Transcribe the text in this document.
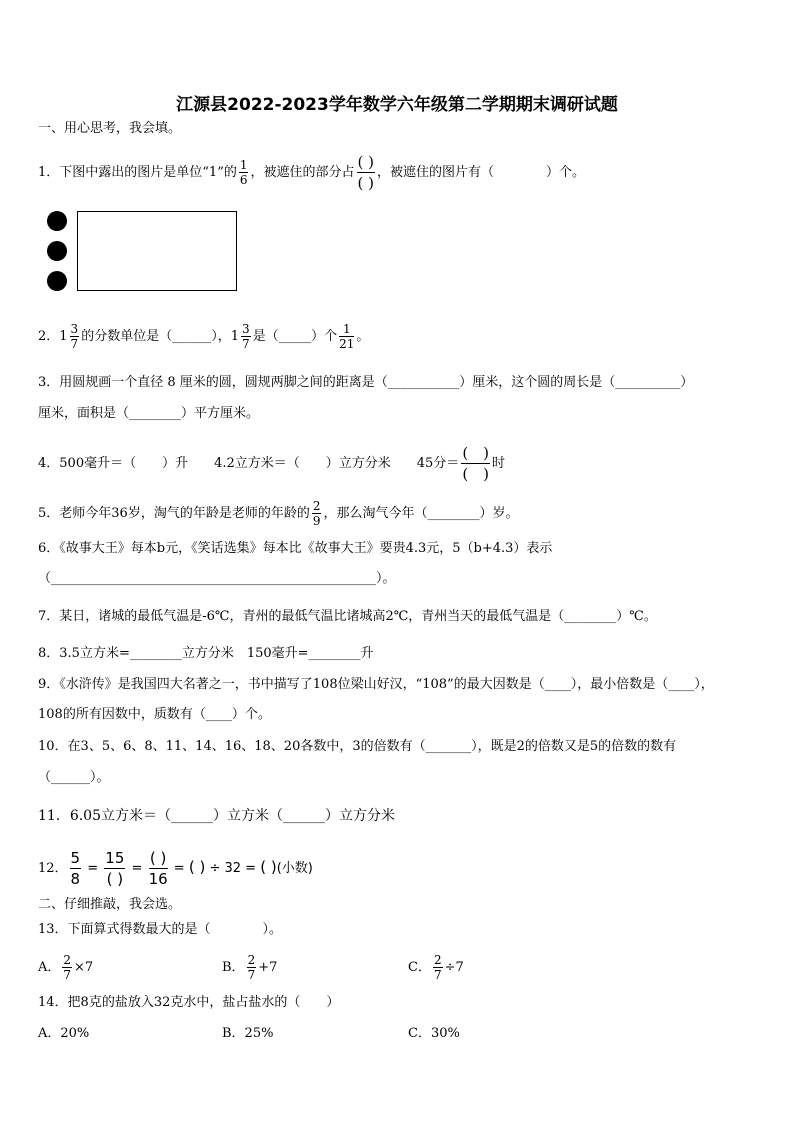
江源县2022-2023学年数学六年级第二学期期末调研试题
一、用心思考，我会填。
1．下图中露出的图片是单位“1”的 $\frac{1}{6}$ ，被遮住的部分占 $\frac{( )}{( )}$ ，被遮住的图片有（　　　　）个。
2．$1 \frac{3}{7}$ 的分数单位是（______），$1 \frac{3}{7}$ 是（_____）个 $\frac{1}{21}$ 。
3．用圆规画一个直径 8 厘米的圆，圆规两脚之间的距离是（___________）厘米，这个圆的周长是（__________）
厘米，面积是（________）平方厘米。
4．500毫升＝（　　）升　　4.2立方米＝（　　）立方分米　　45分＝ $\frac{( )}{( )}$ 时
5．老师今年36岁，淘气的年龄是老师的年龄的 $\frac{2}{9}$ ，那么淘气今年（________）岁。
6．《故事大王》每本b元，《笑话选集》每本比《故事大王》要贵4.3元，5（b+4.3）表示
（__________________________________________________）。
7．某日，诸城的最低气温是-6℃，青州的最低气温比诸城高2℃，青州当天的最低气温是（________）℃。
8．3.5立方米=________立方分米　150毫升=________升
9．《水浒传》是我国四大名著之一，书中描写了108位梁山好汉，“108”的最大因数是（____），最小倍数是（____），
108的所有因数中，质数有（____）个。
10．在3、5、6、8、11、14、16、18、20各数中，3的倍数有（_______），既是2的倍数又是5的倍数的数有
（______）。
11．6.05立方米＝（______）立方米（______）立方分米
12． $\frac{5}{8} = \frac{15}{( )} = \frac{( )}{16}$ = ( ) ÷ 32 = ( )(小数)
二、仔细推敲，我会选。
13．下面算式得数最大的是（　　　　）。
A． $\frac{2}{7} \times 7$	B． $\frac{2}{7} +7$	C． $\frac{2}{7} \div 7$
14．把8克的盐放入32克水中，盐占盐水的（　　）
A．20%	B．25%	C．30%
